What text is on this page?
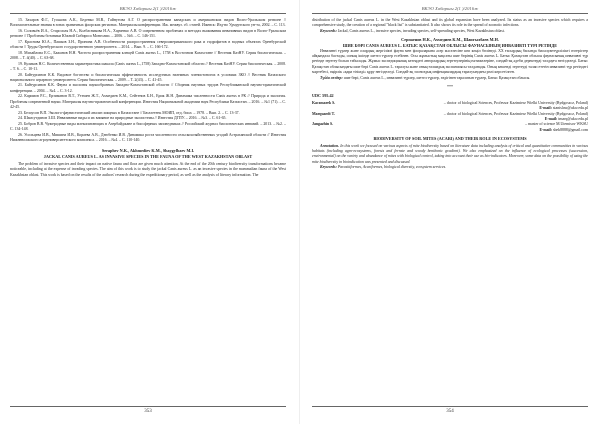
ВКЭО Хабаршы 2(1 )/2016ж

15. Захаров Ф.Г., Гуськова А.К., Беденко М.В., Гайнутова А.Г. О распространении канадских и американских видов Волго-Уральском регионе // Вспомогательные знания в зонах граничных флорских регионах. Материалы конференции. Иж. межвуз. сб. статей. Ижевск: Изд-во Удмуртского ун-та, 2002. – С. 113.

16. Соловьёв И.А., Старосиля Н.А., Колбасникова Н.А., Харченко А.В. О современном проблемах и методах выживания инвазивных видов в Волго-Уральском регионе // Проблемы ботаники Южной Сибири и Монголии. – 2006. – №6. – С. 146-151.

17. Краснова Ю.А., Пашков З.Н., Пронина А.В. Особенности распространения североамериканского рака и гидрофитов в водных объектах Оренбургской области // Труды Оренбургского государственного университета. – 2014. – Вып. 9. – С. 166-172.

18. Михайлова Е.С., Бажанов Н.Н. Частота распространения клещей Canis aureus L., 1758 в Восточном Казахстане // Вестник КазНУ. Серия биологическая. – 2008. – Т. 4(40). – С. 63-68.

19. Куликов Н.С. Количественная характеристика шакала (Canis aureus L.,1758) Западно-Казахстанской области // Вестник КазНУ. Серия биологическая. – 2008. – Т. 6. – С. 10-11.

20. Байтурсинов К.К. Видовое богатство и биологическая эффективность исследуемых наземных членистоногих в условиях ЗКО // Вестник Казахского национального аграрного университета. Серия биологическая. – 2009. – Т. 2(43). – С. 41-45.

21. Байтурсинов К.К. Фауна и экология паукообразных Западно-Казахстанской области // Сборник научных трудов Республиканской научно-практической конференции. – 2004. – №4. – С. 3-12.

22. Каримов Р.С., Ерзиманов В.Т., Утешев Ж.Т., Ахмедиев К.М., Сейтенов Б.Н., Ерик Ж.Н. Динамика численности Canis aureus в РК // Природа и экология. Проблемы современной науки. Материалы научно-практической конференции. Известия Национальной академии наук Республики Казахстан. – 2016. – №1 (71). – С. 42-45.

23. Белоусов В.П. Эколого-фаунистический анализ хищных в Казахстане // Бюллетень МОИП, отд. биол. – 1978. – Вып. 2. – С. 13-37.

24. Шамсутдинов З.Ш. Инвазивные виды и их влияние на природные экосистемы // Известия ДГПУ. – 2016. – №3. – С. 61-65.

25. Бобров В.В. Чужеродные виды млекопитающих в Азербайджане и биосферных заповедниках // Российский журнал биологических инвазий. – 2013. – №2. – С. 134-148.

26. Усольцева И.В., Мишина И.В., Кораева А.В., Дзюбенко И.В. Динамика роста численности сельскохозяйственных угодий Астраханской области // Известия Нижневолжского агроуниверситетского комплекса. – 2016. – №4. – С. 110-140.

Seraphev N.K., Akhmediev K.M., Shaygylbaev M.I.
JACKAL CANIS AUREUS L. AS INVASIVE SPECIES IN THE FAUNA OF THE WEST KAZAKHSTAN OBLAST

The problem of invasive species and their impact on native fauna and flora are given much attention. At the end of the 20th century biodiversity transformations became noticeable, including at the expense of invading species. The aim of this work is to study the jackal Canis aureus L. as an invasive species in the mammalian fauna of the West Kazakhstan oblast. This work is based on the results of the authors' research during the expeditionary period, as well as the analysis of literary information. The

353
ВКЭО Хабаршы 2(1 )/2016ж

distribution of the jackal Canis aureus L. in the West Kazakhstan oblast and its global expansion have been analyzed. Its status as an invasive species which requires a comprehensive study, the creation of a regional "black list" is substantiated. It also shows its role in the spread of zoonotic infections.

Keywords: Jackal, Canis aureus L., invasive species, invading species, self-spreading species, West Kazakhstan oblast.

Серпаенов Н.К., Ахмедиев К.М., Шаигылбаев М.Н.
ШИЕ БӨРІ CANIS AUREUS L. БАТЫС ҚАЗАҚСТАН ОБЛЫСЫ ФАУНАСЫНЫҢ ИНВАЗИВТІ ТҮРІ РЕТІНДЕ

Инвазивті түрлер және олардың жергілікті фауна мен флораларына әсер мәселесіне көп көңіл бөлінеді. XX ғасырдың басында биоалуантүрлілікті өзгерістер айқындала бастады, соның ішінде шетел түрлер есебінен. Осы жұмыстың мақсаты шие бөрінің Canis aureus L. Батыс Қазақстан облысы фаунасының инвазивті түр ретінде зерттеу болып табылады. Жұмыс экспедициялық кезеңдегі авторлардың зерттеулерінің нәтижелеріне, сондай-ақ әдеби деректерді талдауға негізделеді. Батыс Қазақстан облысындағы шие бөрі Canis aureus L. таралуы және оның ғаламдық экспансиясы талданады. Оның кешенді зерттеуді талап ететін инвазивті түр ретіндегі мәртебесі, өңірлік «қара тізімді» құру негізделеді. Сондай-ақ зооноздық инфекциялардың таралуындағы рөлі көрсетілген.

Түйін сөздер: шие бөрі, Canis aureus L., инвазивті түрлер, шетел түрлер, өздігінен таралатын түрлер, Батыс Қазақстан облысы.

***
UDC 595.42
Kaczmarek S.	– doctor of biological Sciences, Professor Kazimierz Wielki University (Bydgoszcz, Poland)
E-mail: stanislaw@ukw.edu.pl
Marquardt T.	– doctor of biological Sciences, Professor Kazimierz Wielki University (Bydgoszcz, Poland)
E-mail: tmarq@ukw.edu.pl
Jangazhin S.	– master of science M.Utemisov WKSU
E-mail: sbek8888@gmail.com
BIODIVERSITY OF SOIL MITES (ACARI) AND THEIR ROLE IN ECOSYSTEMS

Annotation. In this work we focused on various aspects of mite biodiversity based on literature data including analysis of critical and quantitative communities in various habitats (including agro-ecosystems, forests and ferrate and woody benthonic gradient). We also emphasized on the influence of ecological processes (succession, environmental) on the variety and abundance of mites with biological control, taking into account their use as bio-indicators. Moreover, some data on the possibility of using the mite biodiversity in bioindication was presented and discussed.

Keywords: Parasitiformes, Acariformes, biological diversity, ecosystem services.

354
